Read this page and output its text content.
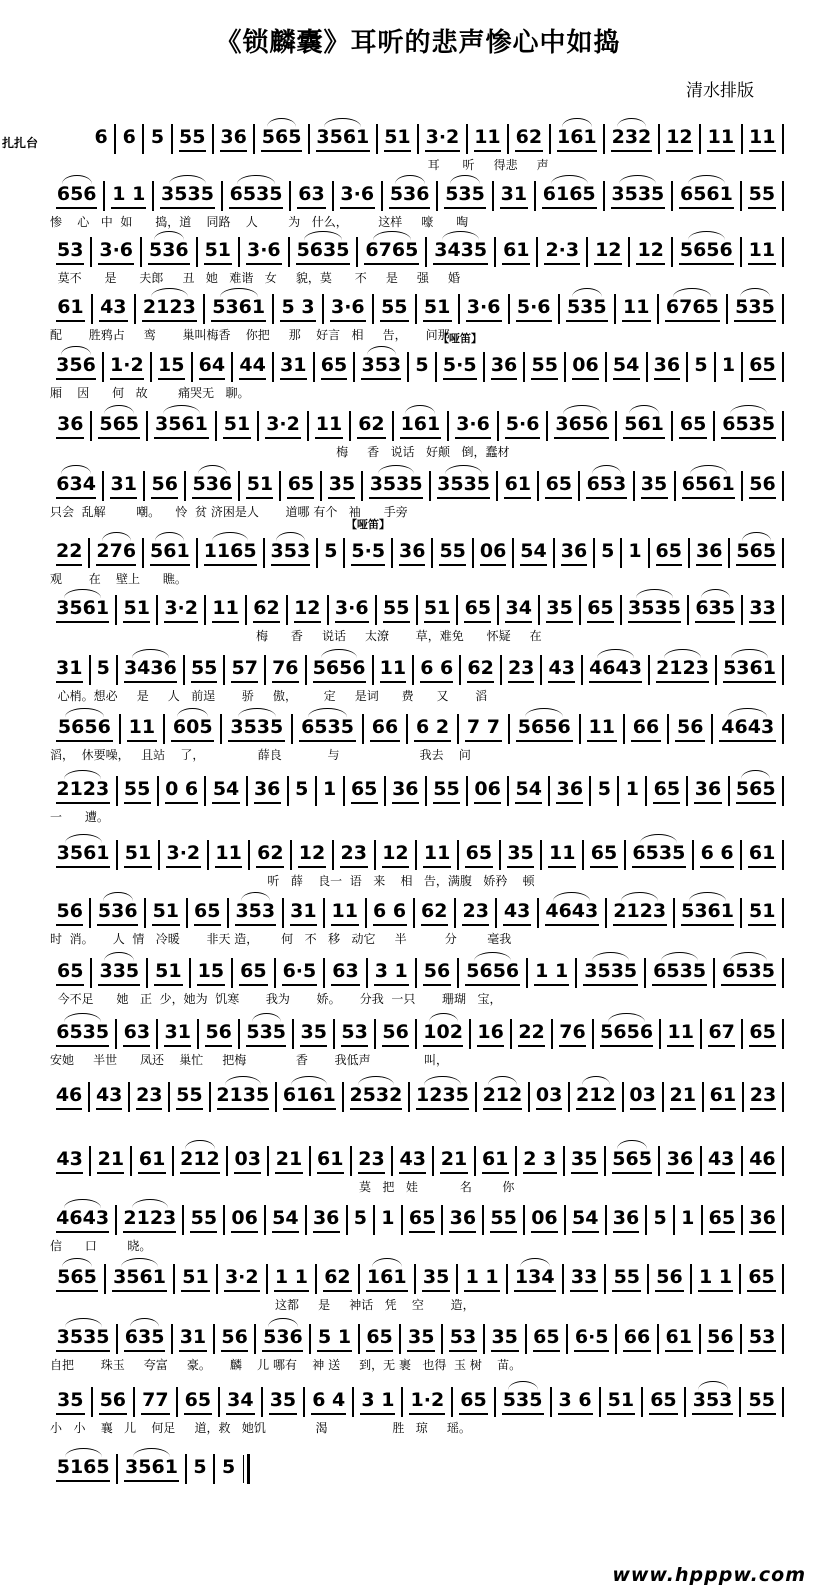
《锁麟囊》耳听的悲声惨心中如捣
清水排版
扎扎台	6 6 5 55 36 565 3561 51 3·2 11 62 161 232 12 11 11
耳      听     得悲     声
656 1 1 3535 6535 63 3·6 536 535 31 6165 3535 6561 55
惨    心   中  如      捣，道    同路    人        为   什么，        这样     嚎      啕
53 3·6 536 51 3·6 5635 6765 3435 61 2·3 12 12 5656 11
莫不      是      夫郎     丑   她   难谐   女     貌，莫      不     是     强     婚
61 43 2123 5361 5 3 3·6 55 51 3·6 5·6 535 11 6765 535
配       胜鸦占     鸾       巢叫梅香    你把     那    好言   相     告，     问那
356 1·2 15 64 44 31 65 353 5 5·5 36 55 06 54 36 5 1 65
厢    因      何   故        痛哭无   聊。
【哑笛】
36 565 3561 51 3·2 11 62 161 3·6 5·6 3656 561 65 6535
梅     香   说话   好颠   倒，蠢材
634 31 56 536 51 65 35 3535 3535 61 65 653 35 6561 56
只会  乱解        嘲。    怜  贫 济困是人       道哪 有个   袖      手旁
22 276 561 1165 353 5 5·5 36 55 06 54 36 5 1 65 36 565
观       在    壁上      瞧。
【哑笛】
3561 51 3·2 11 62 12 3·6 55 51 65 34 35 65 3535 635 33
梅      香     说话     太潦       草，难免      怀疑     在
31 5 3436 55 57 76 5656 11 6 6 62 23 43 4643 2123 5361
心梢。想必     是     人   前逞       骄     傲，       定     是词      费      又       滔
5656 11 605 3535 6535 66 6 2 7 7 5656 11 66 56 4643
滔，  休要噪，   且站    了，              薛良            与                     我去    问
2123 55 0 6 54 36 5 1 65 36 55 06 54 36 5 1 65 36 565
一      遭。
3561 51 3·2 11 62 12 23 12 11 65 35 11 65 6535 6 6 61
听   薛    良一  语   来    相   告，满腹   娇矜    顿
56 536 51 65 353 31 11 6 6 62 23 43 4643 2123 5361 51
时  消。     人  情   冷暖       非天 造，      何   不   移   动它     半          分        毫我
65 335 51 15 65 6·5 63 3 1 56 5656 1 1 3535 6535 6535
今不足      她   正  少，她为  饥寒       我为       娇。     分我  一只       珊瑚   宝，
6535 63 31 56 535 35 53 56 102 16 22 76 5656 11 67 65
安她     半世      凤还    巢忙     把梅             香       我低声              叫，
46 43 23 55 2135 6161 2532 1235 212 03 212 03 21 61 23
43 21 61 212 03 21 61 23 43 21 61 2 3 35 565 36 43 46
莫   把   娃           名        你
4643 2123 55 06 54 36 5 1 65 36 55 06 54 36 5 1 65 36
信      口        晓。
565 3561 51 3·2 1 1 62 161 35 1 1 134 33 55 56 1 1 65
这都     是     神话   凭    空       造，
3535 635 31 56 536 5 1 65 35 53 35 65 6·5 66 61 56 53
自把       珠玉     夸富     豪。     麟    儿 哪有    神 送     到，无 裹   也得  玉 树    苗。
35 56 77 65 34 35 6 4 3 1 1·2 65 535 3 6 51 65 353 55
小   小    襄   儿    何足     道，救   她饥             渴                 胜   琼     瑶。
5165 3561 5 5
www.hpppw.com
